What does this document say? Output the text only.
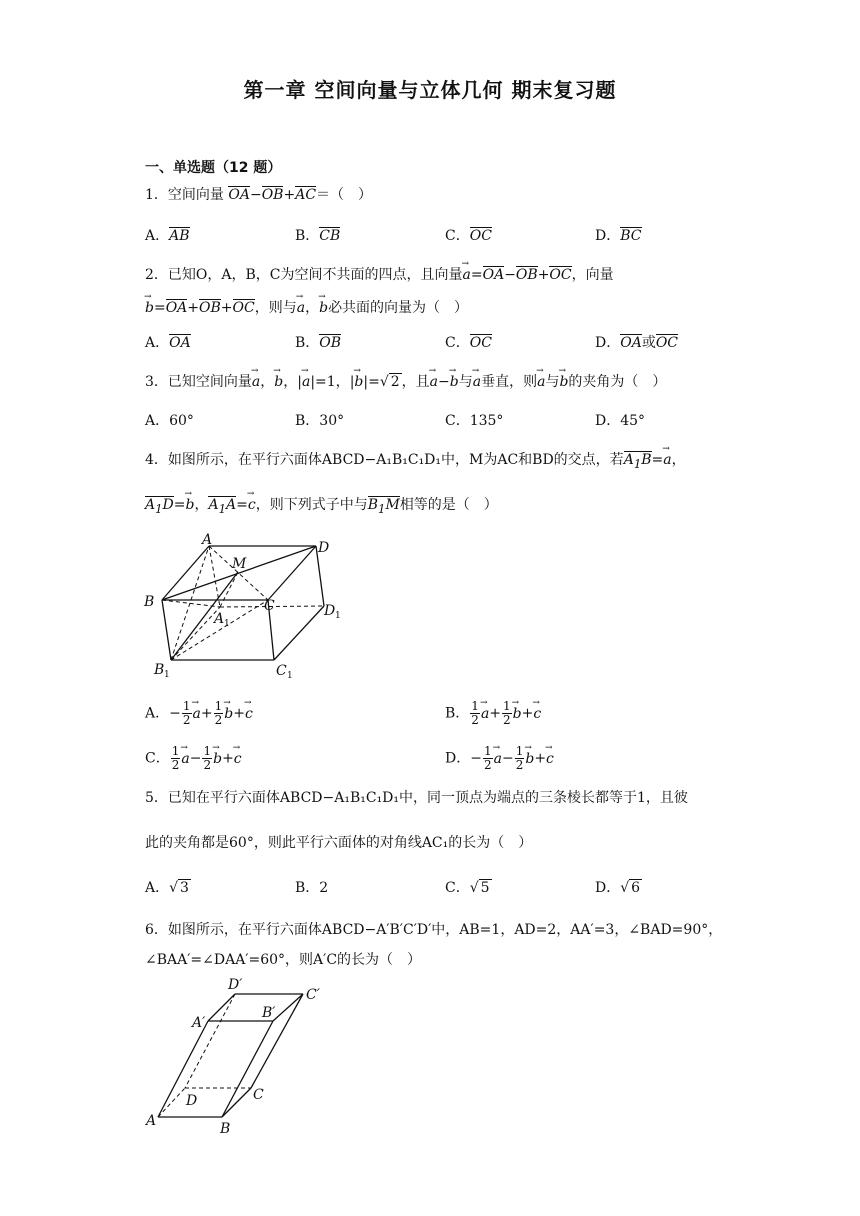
第一章 空间向量与立体几何 期末复习题
一、单选题（12 题）
1．空间向量 OA−OB+AC＝（　）
A．AB	B．CB	C．OC	D．BC
2．已知O，A，B，C为空间不共面的四点，且向量→ a=OA−OB+OC，向量
→ b=OA+OB+OC，则与→ a，→ b必共面的向量为（　）
A．OA	B．OB	C．OC	D．OA或OC
3．已知空间向量→ a，→ b，|→ a|=1，|→ b|=√ 2 ，且→ a−→ b与→ a垂直，则→ a与→ b的夹角为（　）
A．60°	B．30°	C．135°	D．45°
4．如图所示，在平行六面体ABCD−A₁B₁C₁D₁中，M为AC和BD的交点，若$A_1B=\to a$，
$A_1D=\to b$，$A_1A=\to c$，则下列式子中与$B_1M$相等的是（　）
A
M
D
B	C
A 1
D 1
B 1	C 1
A．− $\frac{1}{2}$
→ $a+ \frac{1}{2}$
→ b+→ c	B． $\frac{1}{2}$
→ $a+ \frac{1}{2}$
→ b+→ c
C． $\frac{1}{2}$
→ $a- \frac{1}{2}$
→ b+→ c	D．− $\frac{1}{2}$
→ $a- \frac{1}{2}$
→ b+→ c
5．已知在平行六面体ABCD−A₁B₁C₁D₁中，同一顶点为端点的三条棱长都等于1，且彼
此的夹角都是60°，则此平行六面体的对角线AC₁的长为（　）
A．√ 3	B．2	C．√ 5	D．√ 6
6．如图所示，在平行六面体ABCD−A′B′C′D′中，AB=1，AD=2，AA′=3，∠BAD=90°，
∠BAA′=∠DAA′=60°，则A′C的长为（　）
D′
C′
A′
B′
D	C
A	B
